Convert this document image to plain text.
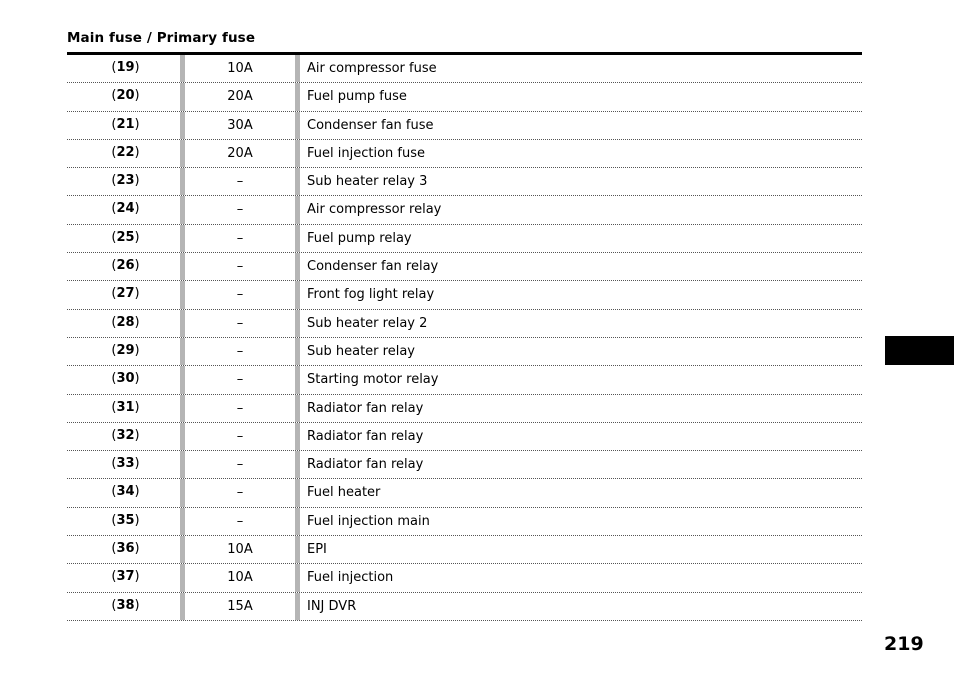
Main fuse / Primary fuse
(19)	10A	Air compressor fuse
(20)	20A	Fuel pump fuse
(21)	30A	Condenser fan fuse
(22)	20A	Fuel injection fuse
(23)	–	Sub heater relay 3
(24)	–	Air compressor relay
(25)	–	Fuel pump relay
(26)	–	Condenser fan relay
(27)	–	Front fog light relay
(28)	–	Sub heater relay 2
(29)	–	Sub heater relay
(30)	–	Starting motor relay
(31)	–	Radiator fan relay
(32)	–	Radiator fan relay
(33)	–	Radiator fan relay
(34)	–	Fuel heater
(35)	–	Fuel injection main
(36)	10A	EPI
(37)	10A	Fuel injection
(38)	15A	INJ DVR
219
